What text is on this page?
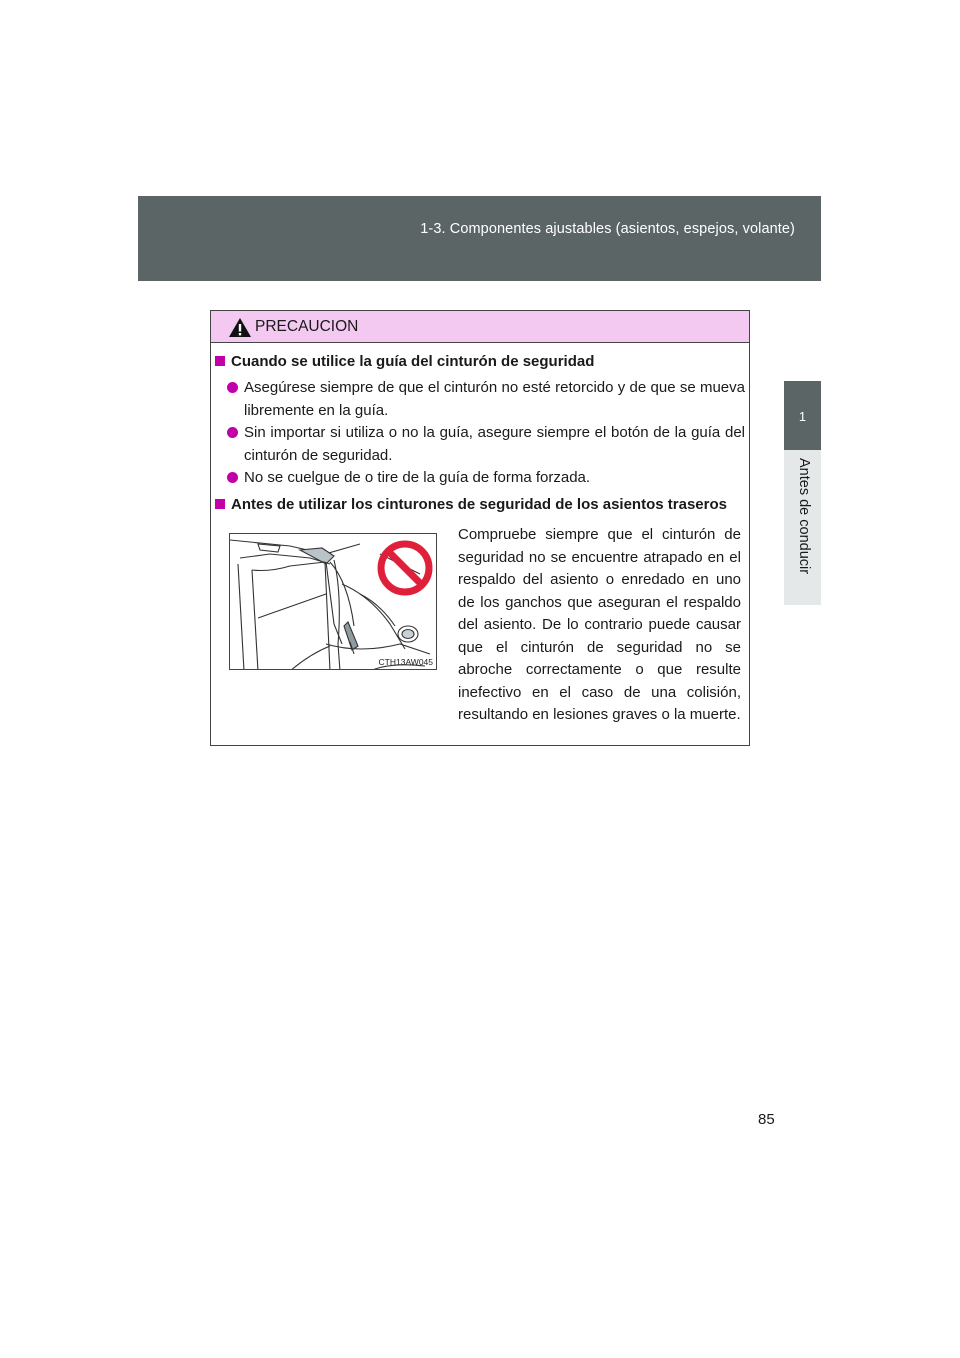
1-3. Componentes ajustables (asientos, espejos, volante)
1
Antes de conducir
PRECAUCION
Cuando se utilice la guía del cinturón de seguridad
Asegúrese siempre de que el cinturón no esté retorcido y de que se mueva libremente en la guía.
Sin importar si utiliza o no la guía, asegure siempre el botón de la guía del cinturón de seguridad.
No se cuelgue de o tire de la guía de forma forzada.
Antes de utilizar los cinturones de seguridad de los asientos traseros
CTH13AW045
Compruebe siempre que el cinturón de seguridad no se encuentre atrapado en el respaldo del asiento o enredado en uno de los ganchos que aseguran el respaldo del asiento. De lo contrario puede causar que el cinturón de seguridad no se abroche correctamente o que resulte inefectivo en el caso de una colisión, resultando en lesiones graves o la muerte.
85
